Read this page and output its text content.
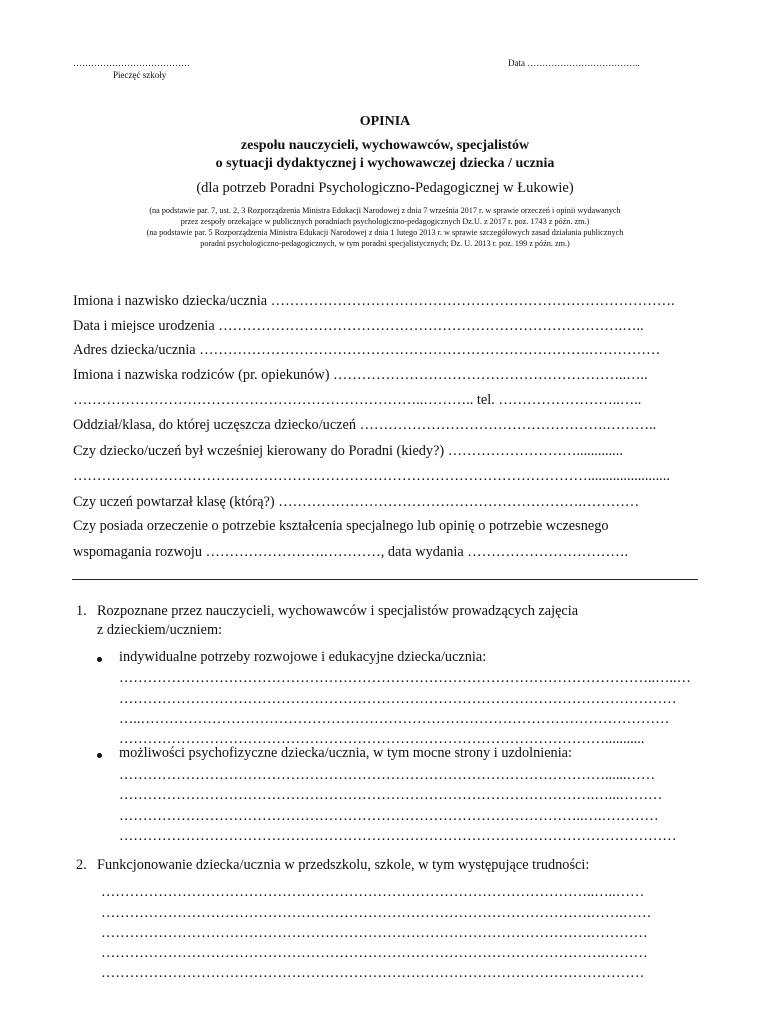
…………………………………
Pieczęć szkoły
Data ………………………………..
OPINIA
zespołu nauczycieli, wychowawców, specjalistów
o sytuacji dydaktycznej i wychowawczej dziecka / ucznia
(dla potrzeb Poradni Psychologiczno-Pedagogicznej w Łukowie)
(na podstawie par. 7, ust. 2, 3 Rozporządzenia Ministra Edukacji Narodowej z dnia 7 września 2017 r. w sprawie orzeczeń i opinii wydawanych
przez zespoły orzekające w publicznych poradniach psychologiczno-pedagogicznych Dz.U. z 2017 r. poz. 1743 z późn. zm.)
(na podstawie par. 5 Rozporządzenia Ministra Edukacji Narodowej z dnia 1 lutego 2013 r. w sprawie szczegółowych zasad działania publicznych
poradni psychologiczno-pedagogicznych, w tym poradni specjalistycznych; Dz. U. 2013 r. poz. 199 z późn. zm.)
Imiona i nazwisko dziecka/ucznia ………………………………………………………………………….
Data i miejsce urodzenia ………………………………………………………………………….…..
Adres dziecka/ucznia ……………………………………………………………………….……………
Imiona i nazwiska rodziców (pr. opiekunów) ……………………………………………………..…..
………………………………………………………………..……….. tel. ……………………..…..
Oddział/klasa, do której uczęszcza dziecko/uczeń …………………………………………….………..
Czy dziecko/uczeń był wcześniej kierowany do Poradni (kiedy?) ……………………….............
……………………………………………………………………………………………….......................
Czy uczeń powtarzał klasę (którą?) ……………………………………………………….…………
Czy posiada orzeczenie o potrzebie kształcenia specjalnego lub opinię o potrzebie wczesnego
wspomagania rozwoju …………………….…………, data wydania …………………………….
1. Rozpoznane przez nauczycieli, wychowawców i specjalistów prowadzących zajęcia
z dzieckiem/uczniem:
indywidualne potrzeby rozwojowe i edukacyjne dziecka/ucznia:
…………………………………………………………………………………………………..…..…
………………………………………………………………………………………………………
…..…………………………………………………………………………………………………
…………………………………………………………………………………………...........
możliwości psychofizyczne dziecka/ucznia, w tym mocne strony i uzdolnienia:
…………………………………………………………………………………………......……
……………………………………………………………………………………….…...………
……………………………………………………………………………………..….…………
………………………………………………………………………………………………………
2. Funkcjonowanie dziecka/ucznia w przedszkolu, szkole, w tym występujące trudności:
…………………………………………………………………………………………..…..……
………………………………………………………………………………………….…….……
………………………………………………………………………………………….…………
…………………………………………………………………………………………….………
……………………………………………………………………………………………………
